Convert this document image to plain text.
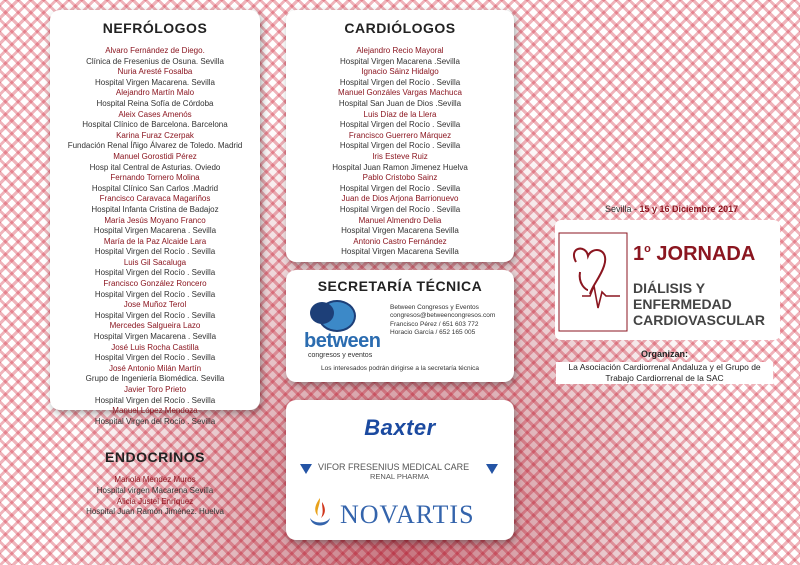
NEFRÓLOGOS
Alvaro Fernández de Diego.
Clínica de Fresenius de Osuna. Sevilla
Nuria Aresté Fosalba
Hospital Virgen Macarena. Sevilla
Alejandro Martín Malo
Hospital Reina Sofía de Córdoba
Aleix Cases Amenós
Hospital Clínico de Barcelona. Barcelona
Karina Furaz Czerpak
Fundación Renal Íñigo Álvarez de Toledo. Madrid
Manuel Gorostidi Pérez
Hosp ital Central de Asturias. Oviedo
Fernando Tornero Molina
Hospital Clínico San Carlos .Madrid
Francisco Caravaca Magariños
Hospital Infanta Cristina de Badajoz
María Jesús Moyano Franco
Hospital Virgen Macarena . Sevilla
María de la Paz Alcaide Lara
Hospital Virgen del Rocío . Sevilla
Luis Gil Sacaluga
Hospital Virgen del Rocío . Sevilla
Francisco González Roncero
Hospital Virgen del Rocío . Sevilla
Jose Muñoz Terol
Hospital Virgen del Rocío . Sevilla
Mercedes Salgueira Lazo
Hospital Virgen Macarena . Sevilla
José Luis Rocha Castilla
Hospital Virgen del Rocío . Sevilla
José Antonio Milán Martín
Grupo de Ingeniería Biomédica. Sevilla
Javier Toro Prieto
Hospital Virgen del Rocío . Sevilla
Manuel López Mendoza
Hospital Virgen del Rocío . Sevilla
ENDOCRINOS
Mariola Mendez Muros
Hospital virgen Macarena Sevilla
Alicia Justel Enríquez
Hospital Juan Ramón Jiménez. Huelva
CARDIÓLOGOS
Alejandro Recio Mayoral
Hospital Virgen Macarena .Sevilla
Ignacio Sáinz Hidalgo
Hospital Virgen del Rocío . Sevilla
Manuel Gonzáles Vargas Machuca
Hospital San Juan de Dios .Sevilla
Luis Díaz de la Llera
Hospital Virgen del Rocío . Sevilla
Francisco Guerrero Márquez
Hospital Virgen del Rocío . Sevilla
Iris Esteve Ruiz
Hospital Juan Ramon Jimenez Huelva
Pablo Cristobo Sainz
Hospital Virgen del Rocío . Sevilla
Juan de Dios Arjona Barrionuevo
Hospital Virgen del Rocío . Sevilla
Manuel Almendro Delia
Hospital Virgen Macarena Sevilla
Antonio Castro Fernández
Hospital Virgen Macarena Sevilla
SECRETARÍA TÉCNICA
between
congresos y eventos
Between Congresos y Eventos
congresos@betweencongresos.com
Francisco Pérez / 651 603 772
Horacio García / 652 165 005
Los interesados podrán dirigirse a la secretaría técnica
Baxter
VIFOR FRESENIUS MEDICAL CARE
RENAL PHARMA
NOVARTIS
Sevilla - 15 y 16 Diciembre 2017
1$^o$ JORNADA
DIÁLISIS Y
ENFERMEDAD
CARDIOVASCULAR
Organizan:
La Asociación Cardiorrenal Andaluza y el Grupo de Trabajo Cardiorrenal de la SAC
